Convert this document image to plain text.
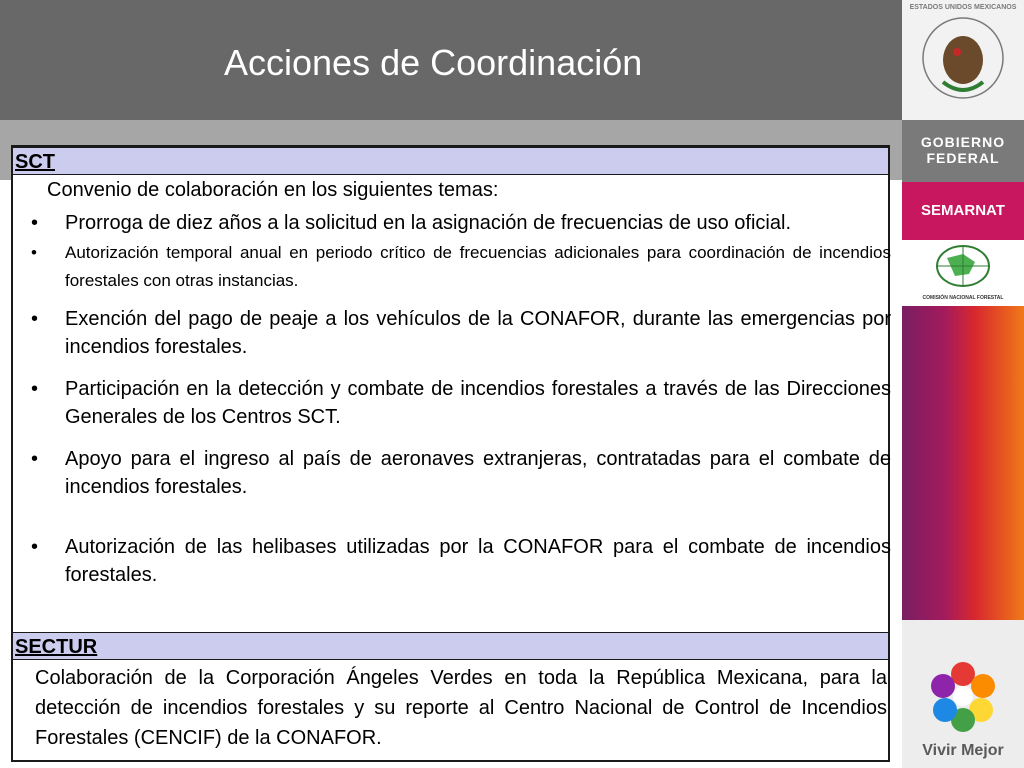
Acciones de Coordinación
ESTADOS UNIDOS MEXICANOS
GOBIERNO
FEDERAL
SEMARNAT
COMISIÓN NACIONAL FORESTAL
Vivir Mejor
SCT
Convenio de colaboración en los siguientes temas:
• Prorroga de diez años a la solicitud en la asignación de frecuencias de uso oficial.
• Autorización temporal anual en periodo crítico de frecuencias adicionales para coordinación de incendios forestales con otras instancias.
• Exención del pago de peaje a los vehículos de la CONAFOR, durante las emergencias por incendios forestales.
• Participación en la detección y combate de incendios forestales a través de las Direcciones Generales de los Centros SCT.
• Apoyo para el ingreso al país de aeronaves extranjeras, contratadas para el combate de incendios forestales.
• Autorización de las helibases utilizadas por la CONAFOR para el combate de incendios forestales.
SECTUR
Colaboración de la Corporación Ángeles Verdes en toda la República Mexicana, para la detección de incendios forestales y su reporte al Centro Nacional de Control de Incendios Forestales (CENCIF) de la CONAFOR.
